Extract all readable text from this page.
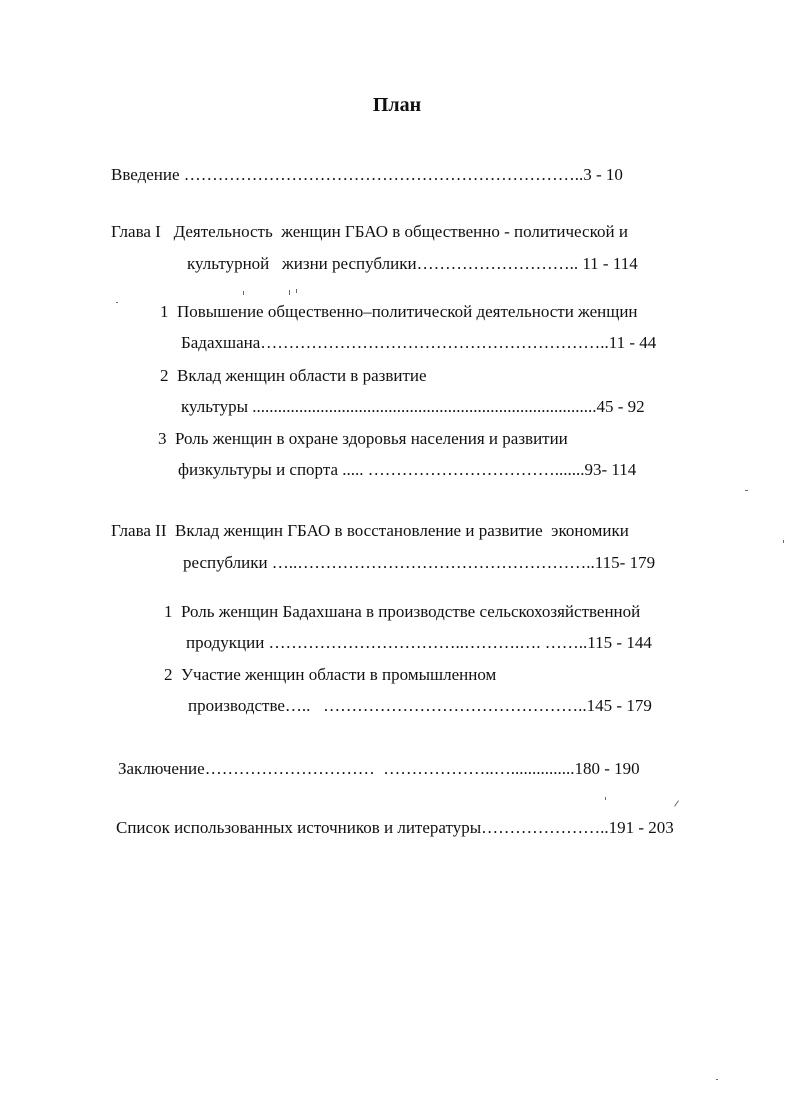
План
Введение ……………………………………………………………..3 - 10
Глава I   Деятельность  женщин ГБАО в общественно - политической и
культурной   жизни республики……………………….. 11 - 114
1  Повышение общественно–политической деятельности женщин
Бадахшана……………………………………………………..11 - 44
2  Вклад женщин области в развитие
культуры .................................................................................45 - 92
3  Роль женщин в охране здоровья населения и развитии
физкультуры и спорта ..... …………………………….......93- 114
Глава II  Вклад женщин ГБАО в восстановление и развитие  экономики
республики …..……………………………………………..115- 179
1  Роль женщин Бадахшана в производстве сельскохозяйственной
продукции ……………………………..……….…. ……..115 - 144
2  Участие женщин области в промышленном
производстве…..   ………………………………………..145 - 179
Заключение…………………………  ………………..…...............180 - 190
Список использованных источников и литературы…………………..191 - 203
